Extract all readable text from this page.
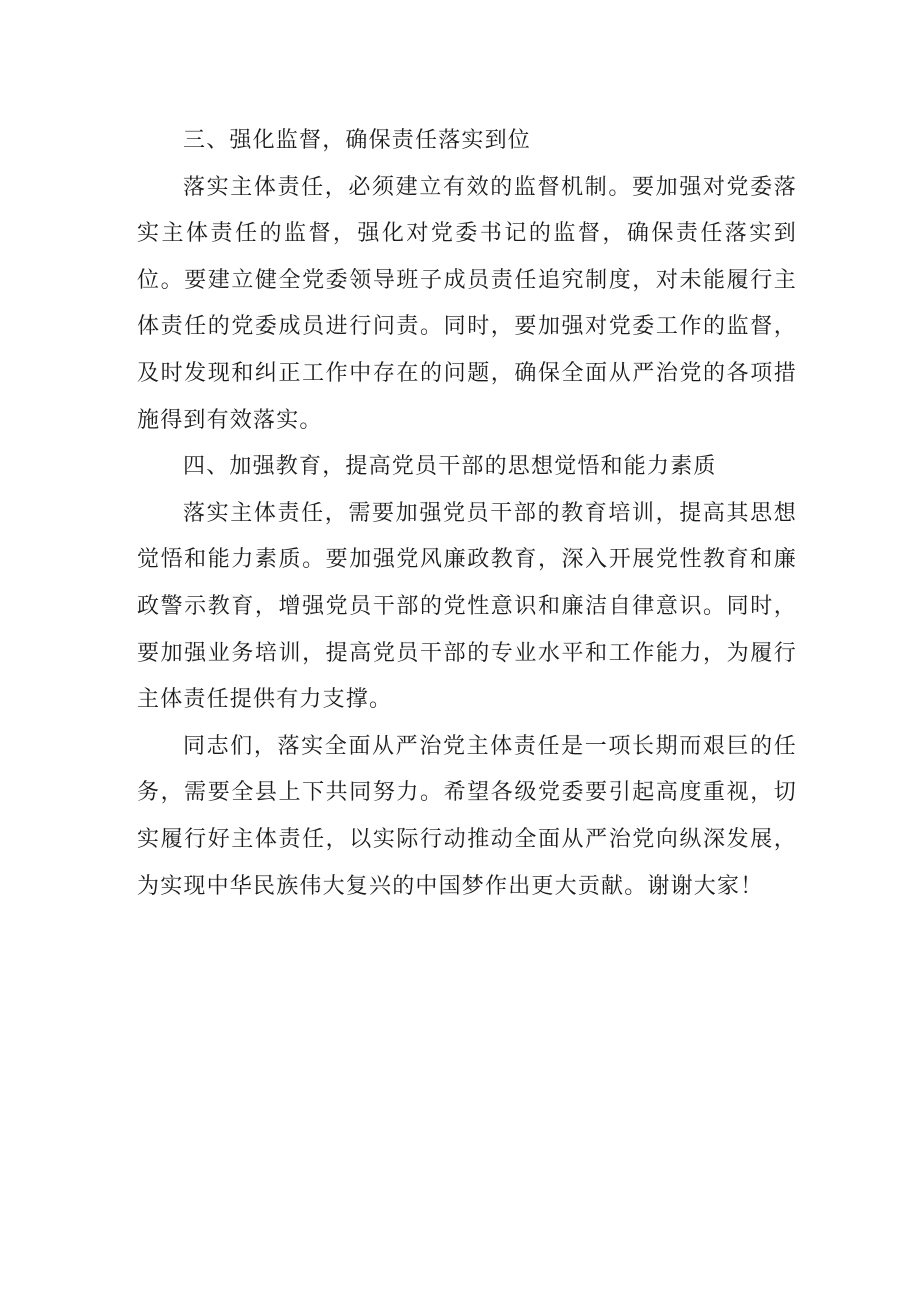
三、强化监督，确保责任落实到位

落实主体责任，必须建立有效的监督机制。要加强对党委落实主体责任的监督，强化对党委书记的监督，确保责任落实到位。要建立健全党委领导班子成员责任追究制度，对未能履行主体责任的党委成员进行问责。同时，要加强对党委工作的监督，及时发现和纠正工作中存在的问题，确保全面从严治党的各项措施得到有效落实。

四、加强教育，提高党员干部的思想觉悟和能力素质

落实主体责任，需要加强党员干部的教育培训，提高其思想觉悟和能力素质。要加强党风廉政教育，深入开展党性教育和廉政警示教育，增强党员干部的党性意识和廉洁自律意识。同时，要加强业务培训，提高党员干部的专业水平和工作能力，为履行主体责任提供有力支撑。

同志们，落实全面从严治党主体责任是一项长期而艰巨的任务，需要全县上下共同努力。希望各级党委要引起高度重视，切实履行好主体责任，以实际行动推动全面从严治党向纵深发展，为实现中华民族伟大复兴的中国梦作出更大贡献。谢谢大家！
